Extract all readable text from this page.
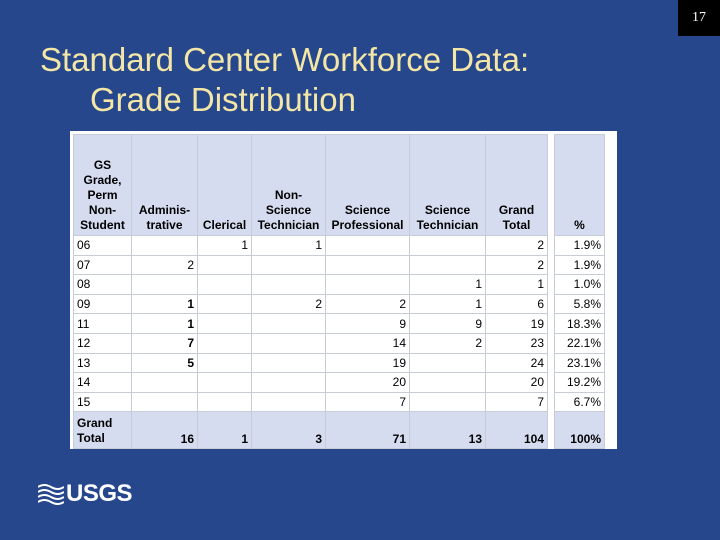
17
Standard Center Workforce Data:
Grade Distribution
GS Grade, Perm Non-Student	Adminis-trative	Clerical	Non-Science Technician	Science Professional	Science Technician	Grand Total		%
06		1	1			2		1.9%
07	2					2		1.9%
08					1	1		1.0%
09	1		2	2	1	6		5.8%
11	1			9	9	19		18.3%
12	7			14	2	23		22.1%
13	5			19		24		23.1%
14				20		20		19.2%
15				7		7		6.7%
Grand Total	16	1	3	71	13	104		100%
USGS
